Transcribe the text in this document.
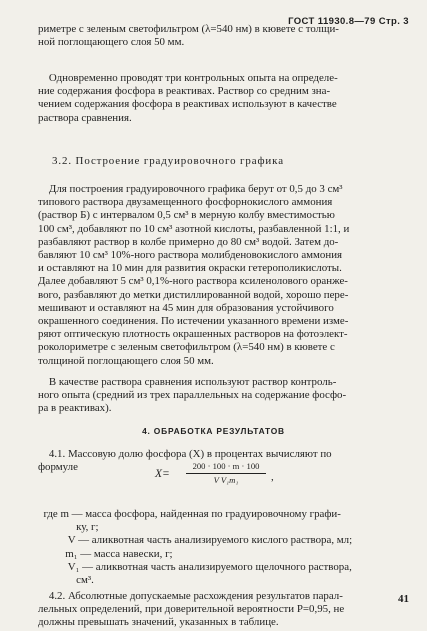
ГОСТ 11930.8—79 Стр. 3
риметре с зеленым светофильтром (λ=540 нм) в кювете с толщи-
ной поглощающего слоя 50 мм.
Одновременно проводят три контрольных опыта на определе-
ние содержания фосфора в реактивах. Раствор со средним зна-
чением содержания фосфора в реактивах используют в качестве
раствора сравнения.
3.2. Построение градуировочного графика
Для построения градуировочного графика берут от 0,5 до 3 см³
типового раствора двузамещенного фосфорнокислого аммония
(раствор Б) с интервалом 0,5 см³ в мерную колбу вместимостью
100 см³, добавляют по 10 см³ азотной кислоты, разбавленной 1:1, и
разбавляют раствор в колбе примерно до 80 см³ водой. Затем до-
бавляют 10 см³ 10%-ного раствора молибденовокислого аммония
и оставляют на 10 мин для развития окраски гетерополикислоты.
Далее добавляют 5 см³ 0,1%-ного раствора ксиленолового оранже-
вого, разбавляют до метки дистиллированной водой, хорошо пере-
мешивают и оставляют на 45 мин для образования устойчивого
окрашенного соединения. По истечении указанного времени изме-
ряют оптическую плотность окрашенных растворов на фотоэлект-
роколориметре с зеленым светофильтром (λ=540 нм) в кювете с
толщиной поглощающего слоя 50 мм.
В качестве раствора сравнения используют раствор контроль-
ного опыта (средний из трех параллельных на содержание фосфо-
ра в реактивах).
4. ОБРАБОТКА РЕЗУЛЬТАТОВ
4.1. Массовую долю фосфора (X) в процентах вычисляют по
формуле
где m — масса фосфора, найденная по градуировочному графи-
ку, г;
V — аликвотная часть анализируемого кислого раствора, мл;
m₁ — масса навески, г;
V₁ — аликвотная часть анализируемого щелочного раствора,
см³.
4.2. Абсолютные допускаемые расхождения результатов парал-
лельных определений, при доверительной вероятности P=0,95, не
должны превышать значений, указанных в таблице.
X=
200 · 100 · m · 100
V V₁m₁	,
41
